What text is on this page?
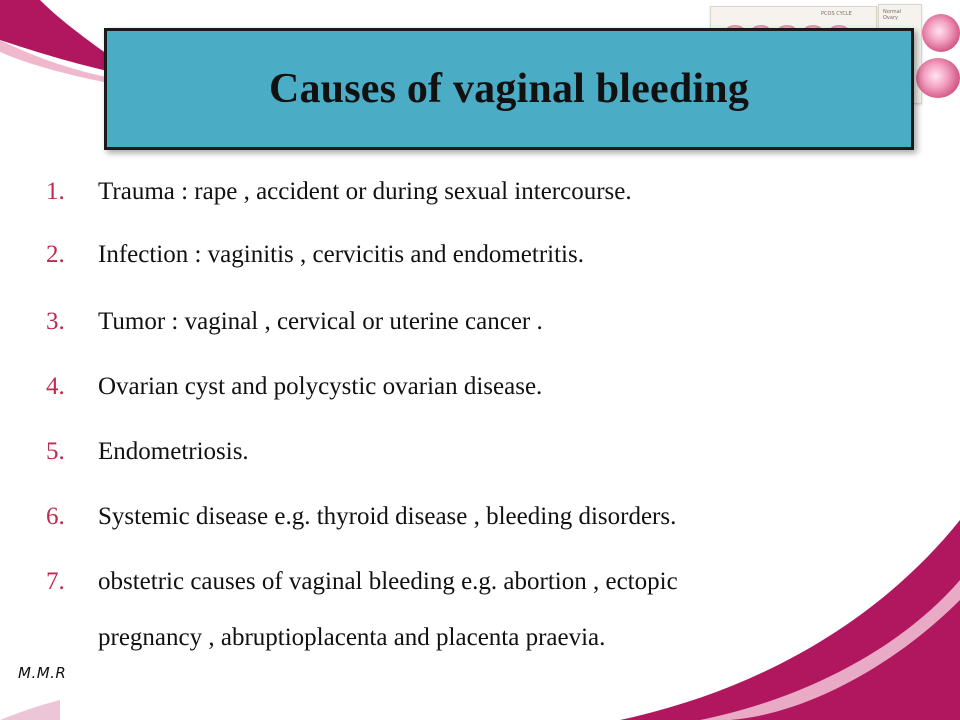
PCOS CYCLE	Normal Ovary
Causes of vaginal bleeding
1.	Trauma : rape , accident or during sexual intercourse.
2.	Infection : vaginitis , cervicitis and endometritis.
3.	Tumor : vaginal , cervical or uterine cancer .
4.	Ovarian cyst and polycystic ovarian disease.
5.	Endometriosis.
6.	Systemic disease e.g. thyroid disease , bleeding disorders.
7.	obstetric causes of vaginal bleeding e.g. abortion , ectopic
pregnancy , abruptioplacenta and placenta praevia.
M.M.R
